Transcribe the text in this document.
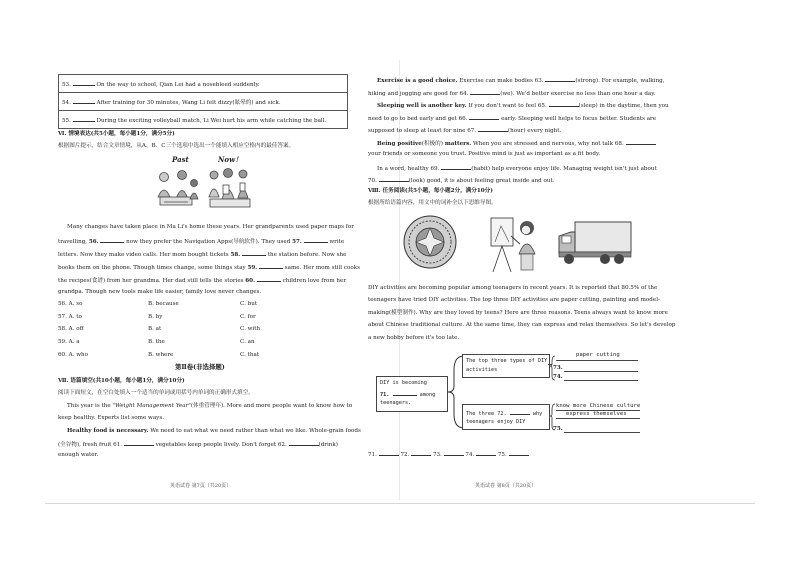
53.	On the way to school, Qian Lei had a nosebleed suddenly.
54.	After training for 30 minutes, Wang Li felt dizzy(眩晕的) and sick.
55.	During the exciting volleyball match, Li Wei hurt his arm while catching the ball.
Ⅵ. 情境表达(共5小题，每小题1分，满分5分)
根据图片提示，结合文章情境，从A、B、C三个选项中选出一个能填入相应空格内的最佳答案。
Past	Now！
Many changes have taken place in Ma Li's home these years. Her grandparents used paper maps for
travelling, 56.	now they prefer the Navigation Apps(导航软件). They used 57.	write
letters. Now they make video calls. Her mom bought tickets 58.	the station before. Now she
books them on the phone. Though times change, some things stay 59.	same. Her mom still cooks
the recipes(食谱) from her grandma. Her dad still tells the stories 60.	children love from her
grandpa. Though new tools make life easier, family love never changes.
56. A. so	B. because	C. but
57. A. to	B. by	C. for
58. A. off	B. at	C. with
59. A. a	B. the	C. an
60. A. who	B. where	C. that
第Ⅱ卷(非选择题)
Ⅶ. 语篇填空(共10小题，每小题1分，满分10分)
阅读下面短文，在空白处填入一个适当的单词或用括号内单词的正确形式填空。
This year is the "Weight Management Year"(体重管理年). More and more people want to know how to
keep healthy. Experts list some ways.
Healthy food is necessary. We need to eat what we need rather than what we like. Whole-grain foods
(全谷物), fresh fruit 61.	vegetables keep people lively. Don't forget 62.	(drink)
enough water.
英语试卷 第7页（共20页）
Exercise is a good choice. Exercise can make bodies 63.	(strong). For example, walking,
hiking and jogging are good for 64.	(we). We'd better exercise no less than one hour a day.
Sleeping well is another key. If you don't want to feel 65.	(sleep) in the daytime, then you
need to go to bed early and get 66.	early. Sleeping well helps to focus better. Students are
supposed to sleep at least for nine 67.	(hour) every night.
Being positive(积极的) matters. When you are stressed and nervous, why not talk 68.
your friends or someone you trust. Positive mind is just as important as a fit body.
In a word, healthy 69.	(habit) help everyone enjoy life. Managing weight isn't just about
70.	(look) good, it is about feeling great inside and out.
Ⅷ. 任务阅读(共5小题，每小题2分，满分10分)
根据所给语篇内容，用文中的词补全以下思维导图。
DIY activities are becoming popular among teenagers in recent years. It is reported that 80.5% of the
teenagers have tried DIY activities. The top three DIY activities are paper cutting, painting and model-
making(模型制作). Why are they loved by teens? Here are three reasons. Teens always want to know more
about Chinese traditional culture. At the same time, they can express and relax themselves. So let's develop
a new hobby before it's too late.
DIY is becoming
71.	among
teenagers.
The top three types of DIY
activities
paper cutting
73.
74.
The three 72.	why
teenagers enjoy DIY
know more Chinese culture
express themselves
75.
71.	72.	73.	74.	75.
英语试卷 第8页（共20页）
